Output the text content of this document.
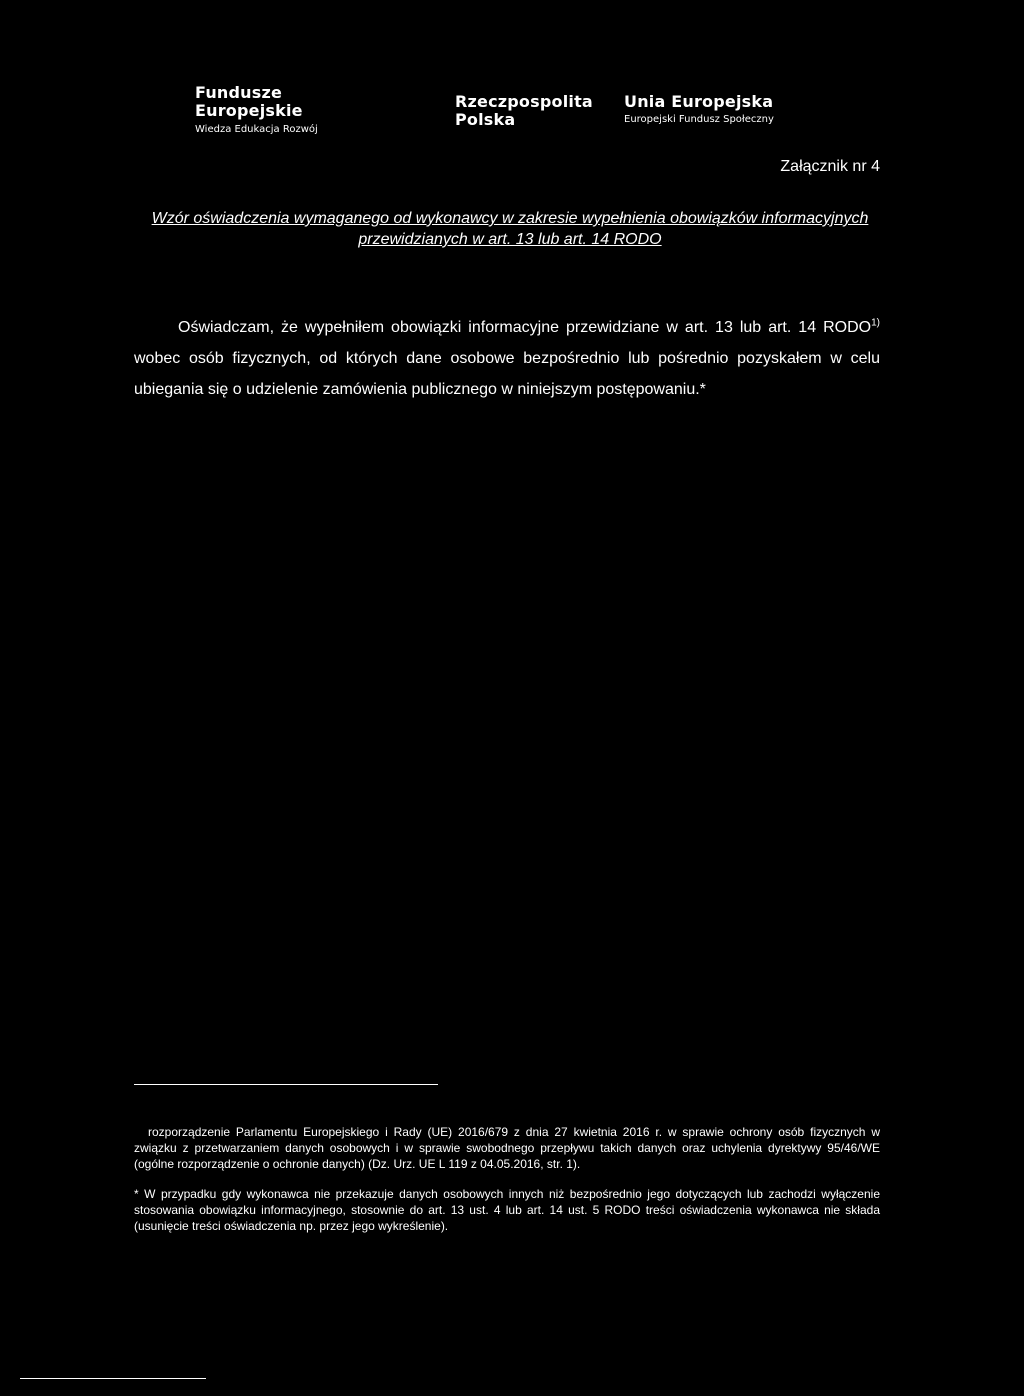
Fundusze
Europejskie
Wiedza Edukacja Rozwój
Rzeczpospolita
Polska
Unia Europejska
Europejski Fundusz Społeczny
Załącznik nr 4
Wzór oświadczenia wymaganego od wykonawcy w zakresie wypełnienia obowiązków informacyjnych przewidzianych w art. 13 lub art. 14 RODO

Oświadczam, że wypełniłem obowiązki informacyjne przewidziane w art. 13 lub art. 14 RODO$^{1)}$ wobec osób fizycznych, od których dane osobowe bezpośrednio lub pośrednio pozyskałem w celu ubiegania się o udzielenie zamówienia publicznego w niniejszym postępowaniu.*

rozporządzenie Parlamentu Europejskiego i Rady (UE) 2016/679 z dnia 27 kwietnia 2016 r. w sprawie ochrony osób fizycznych w związku z przetwarzaniem danych osobowych i w sprawie swobodnego przepływu takich danych oraz uchylenia dyrektywy 95/46/WE (ogólne rozporządzenie o ochronie danych) (Dz. Urz. UE L 119 z 04.05.2016, str. 1).
* W przypadku gdy wykonawca nie przekazuje danych osobowych innych niż bezpośrednio jego dotyczących lub zachodzi wyłączenie stosowania obowiązku informacyjnego, stosownie do art. 13 ust. 4 lub art. 14 ust. 5 RODO treści oświadczenia wykonawca nie składa (usunięcie treści oświadczenia np. przez jego wykreślenie).
